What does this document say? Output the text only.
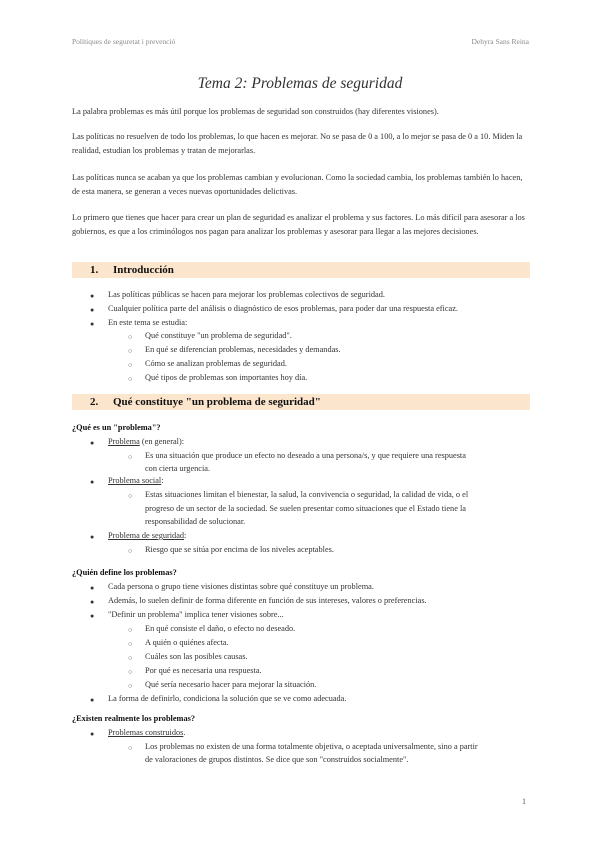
Polítiques de seguretat i prevenció	Dehyra Sans Reina
Tema 2: Problemas de seguridad
La palabra problemas es más útil porque los problemas de seguridad son construidos (hay diferentes visiones).
Las políticas no resuelven de todo los problemas, lo que hacen es mejorar. No se pasa de 0 a 100, a lo mejor se pasa de 0 a 10. Miden la realidad, estudian los problemas y tratan de mejorarlas.
Las políticas nunca se acaban ya que los problemas cambian y evolucionan. Como la sociedad cambia, los problemas también lo hacen, de esta manera, se generan a veces nuevas oportunidades delictivas.
Lo primero que tienes que hacer para crear un plan de seguridad es analizar el problema y sus factores. Lo más difícil para asesorar a los gobiernos, es que a los criminólogos nos pagan para analizar los problemas y asesorar para llegar a las mejores decisiones.
1. Introducción
● Las políticas públicas se hacen para mejorar los problemas colectivos de seguridad.
● Cualquier política parte del análisis o diagnóstico de esos problemas, para poder dar una respuesta eficaz.
● En este tema se estudia:
○ Qué constituye "un problema de seguridad".
○ En qué se diferencian problemas, necesidades y demandas.
○ Cómo se analizan problemas de seguridad.
○ Qué tipos de problemas son importantes hoy día.
2. Qué constituye "un problema de seguridad"
¿Qué es un "problema"?
● Problema (en general):
○ Es una situación que produce un efecto no deseado a una persona/s, y que requiere una respuesta
con cierta urgencia.
● Problema social:
○ Estas situaciones limitan el bienestar, la salud, la convivencia o seguridad, la calidad de vida, o el
progreso de un sector de la sociedad. Se suelen presentar como situaciones que el Estado tiene la
responsabilidad de solucionar.
● Problema de seguridad:
○ Riesgo que se sitúa por encima de los niveles aceptables.
¿Quién define los problemas?
● Cada persona o grupo tiene visiones distintas sobre qué constituye un problema.
● Además, lo suelen definir de forma diferente en función de sus intereses, valores o preferencias.
● "Definir un problema" implica tener visiones sobre...
○ En qué consiste el daño, o efecto no deseado.
○ A quién o quiénes afecta.
○ Cuáles son las posibles causas.
○ Por qué es necesaria una respuesta.
○ Qué sería necesario hacer para mejorar la situación.
● La forma de definirlo, condiciona la solución que se ve como adecuada.
¿Existen realmente los problemas?
● Problemas construidos.
○ Los problemas no existen de una forma totalmente objetiva, o aceptada universalmente, sino a partir
de valoraciones de grupos distintos. Se dice que son "construidos socialmente".
1
